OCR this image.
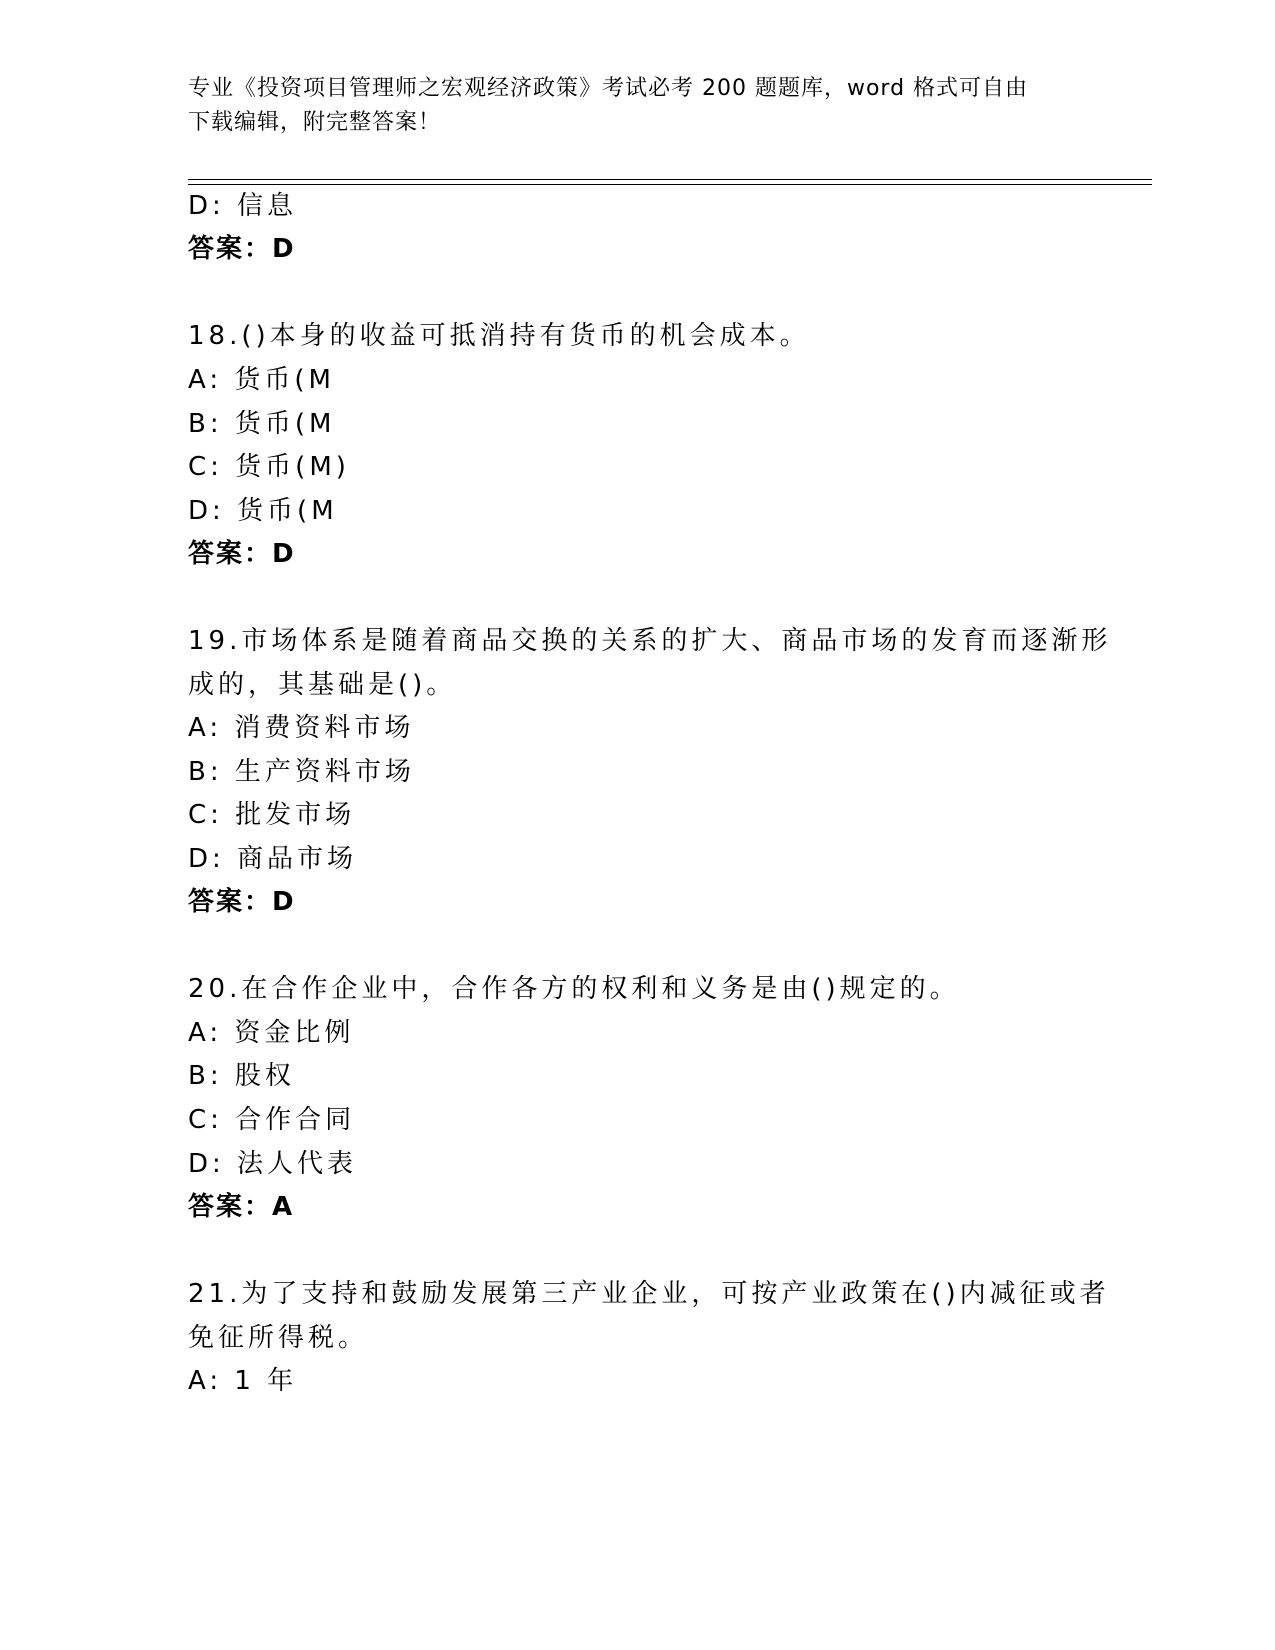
专业《投资项目管理师之宏观经济政策》考试必考 200 题题库，word 格式可自由
下载编辑，附完整答案！
D: 信息
答案：D
18.()本身的收益可抵消持有货币的机会成本。
A: 货币(M
B: 货币(M
C: 货币(M)
D: 货币(M
答案：D
19.市场体系是随着商品交换的关系的扩大、商品市场的发育而逐渐形
成的，其基础是()。
A: 消费资料市场
B: 生产资料市场
C: 批发市场
D: 商品市场
答案：D
20.在合作企业中，合作各方的权利和义务是由()规定的。
A: 资金比例
B: 股权
C: 合作合同
D: 法人代表
答案：A
21.为了支持和鼓励发展第三产业企业，可按产业政策在()内减征或者
免征所得税。
A: 1 年
